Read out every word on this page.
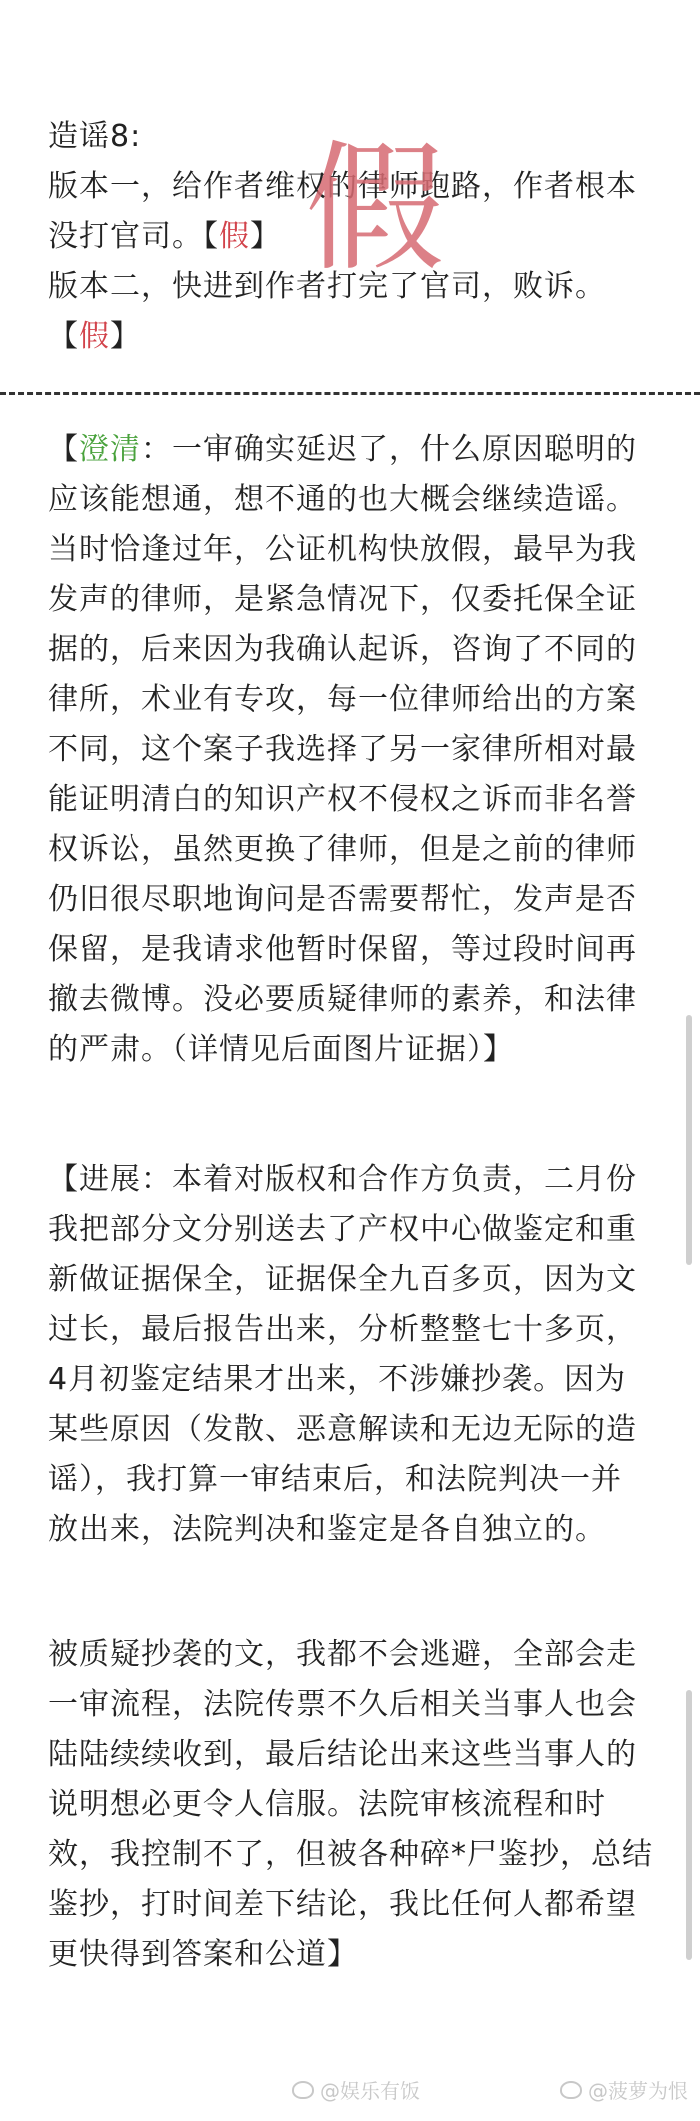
造谣8:
版本一，给作者维权的律师跑路，作者根本
没打官司。【假】
版本二，快进到作者打完了官司，败诉。
【假】
假
【澄清：一审确实延迟了，什么原因聪明的
应该能想通，想不通的也大概会继续造谣。
当时恰逢过年，公证机构快放假，最早为我
发声的律师，是紧急情况下，仅委托保全证
据的，后来因为我确认起诉，咨询了不同的
律所，术业有专攻，每一位律师给出的方案
不同，这个案子我选择了另一家律所相对最
能证明清白的知识产权不侵权之诉而非名誉
权诉讼，虽然更换了律师，但是之前的律师
仍旧很尽职地询问是否需要帮忙，发声是否
保留，是我请求他暂时保留，等过段时间再
撤去微博。没必要质疑律师的素养，和法律
的严肃。（详情见后面图片证据）】
【进展：本着对版权和合作方负责，二月份
我把部分文分别送去了产权中心做鉴定和重
新做证据保全，证据保全九百多页，因为文
过长，最后报告出来，分析整整七十多页，
4月初鉴定结果才出来，不涉嫌抄袭。因为
某些原因（发散、恶意解读和无边无际的造
谣），我打算一审结束后，和法院判决一并
放出来，法院判决和鉴定是各自独立的。
被质疑抄袭的文，我都不会逃避，全部会走
一审流程，法院传票不久后相关当事人也会
陆陆续续收到，最后结论出来这些当事人的
说明想必更令人信服。法院审核流程和时
效，我控制不了，但被各种碎*尸鉴抄，总结
鉴抄，打时间差下结论，我比任何人都希望
更快得到答案和公道】
@娱乐有饭	@菠萝为恨
